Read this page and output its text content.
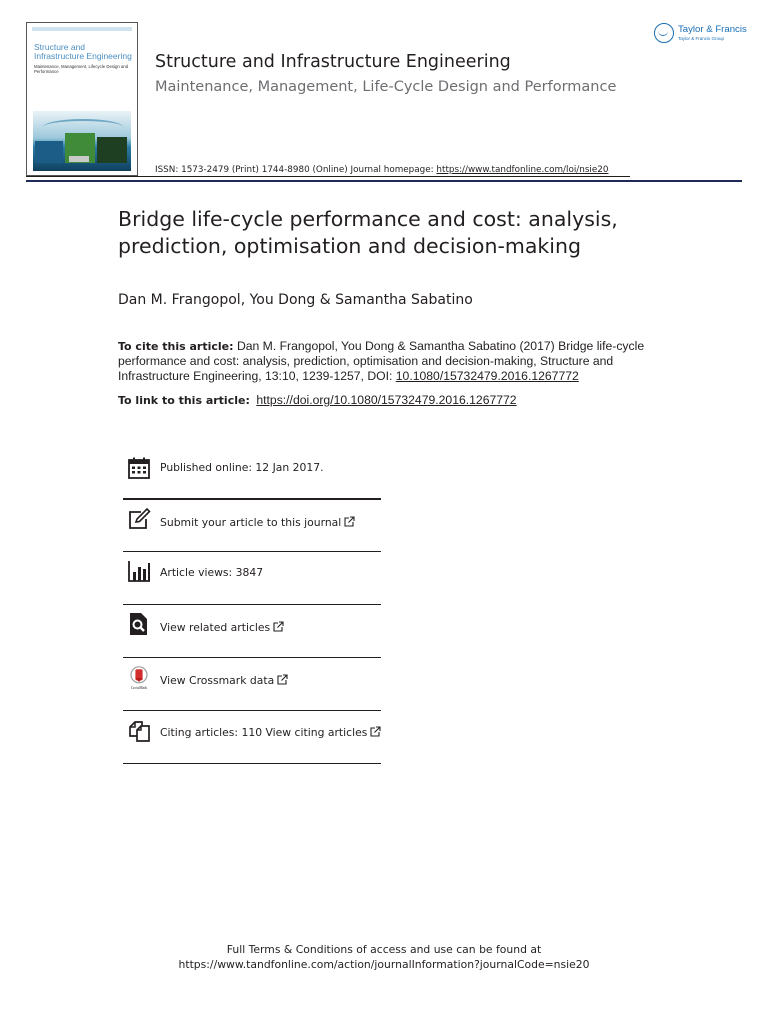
Structure and Infrastructure Engineering
Maintenance, Management, Lifecycle Design and Performance	Structure and Infrastructure Engineering
Maintenance, Management, Life-Cycle Design and Performance
ISSN: 1573-2479 (Print) 1744-8980 (Online) Journal homepage: https://www.tandfonline.com/loi/nsie20
Taylor & Francis
Taylor & Francis Group
Bridge life-cycle performance and cost: analysis, prediction, optimisation and decision-making
Dan M. Frangopol, You Dong & Samantha Sabatino
To cite this article: Dan M. Frangopol, You Dong & Samantha Sabatino (2017) Bridge life-cycle performance and cost: analysis, prediction, optimisation and decision-making, Structure and Infrastructure Engineering, 13:10, 1239-1257, DOI: 10.1080/15732479.2016.1267772
To link to this article: https://doi.org/10.1080/15732479.2016.1267772
Published online: 12 Jan 2017.
Submit your article to this journal
Article views: 3847
View related articles
CrossMark
View Crossmark data
Citing articles: 110 View citing articles
Full Terms & Conditions of access and use can be found at
https://www.tandfonline.com/action/journalInformation?journalCode=nsie20
